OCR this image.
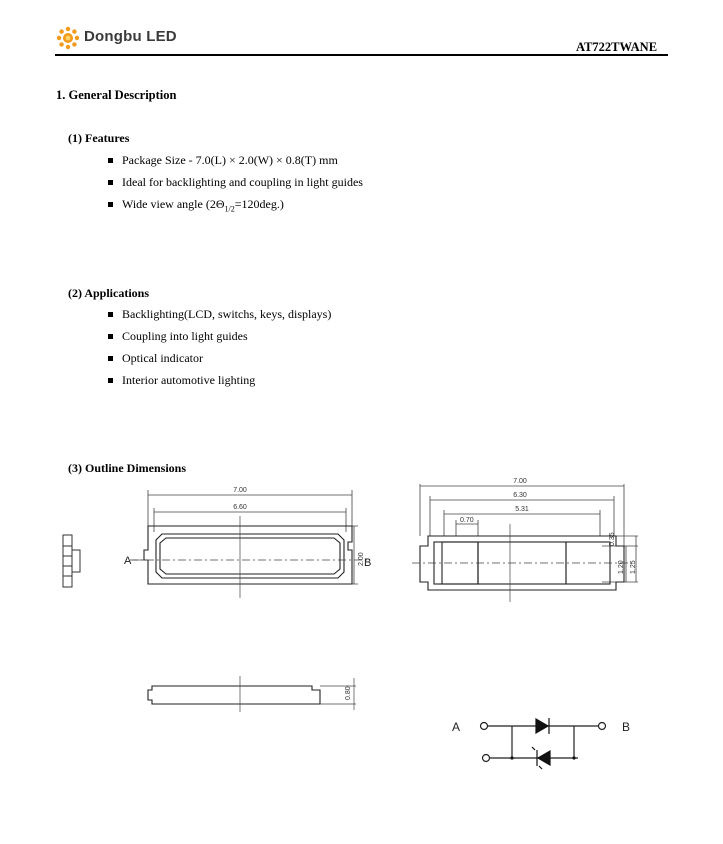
Dongbu LED
AT722TWANE
1. General Description
(1) Features
Package Size - 7.0(L) × 2.0(W) × 0.8(T) mm
Ideal for backlighting and coupling in light guides
Wide view angle $(2\Theta_{1/2}=120deg.)$
(2) Applications
Backlighting(LCD, switchs, keys, displays)
Coupling into light guides
Optical indicator
Interior automotive lighting
(3) Outline Dimensions
7.00
6.60
2.00
A	B
7.00
6.30
5.31
0.70
0.35
1.20 1.25
0.80
A	B
